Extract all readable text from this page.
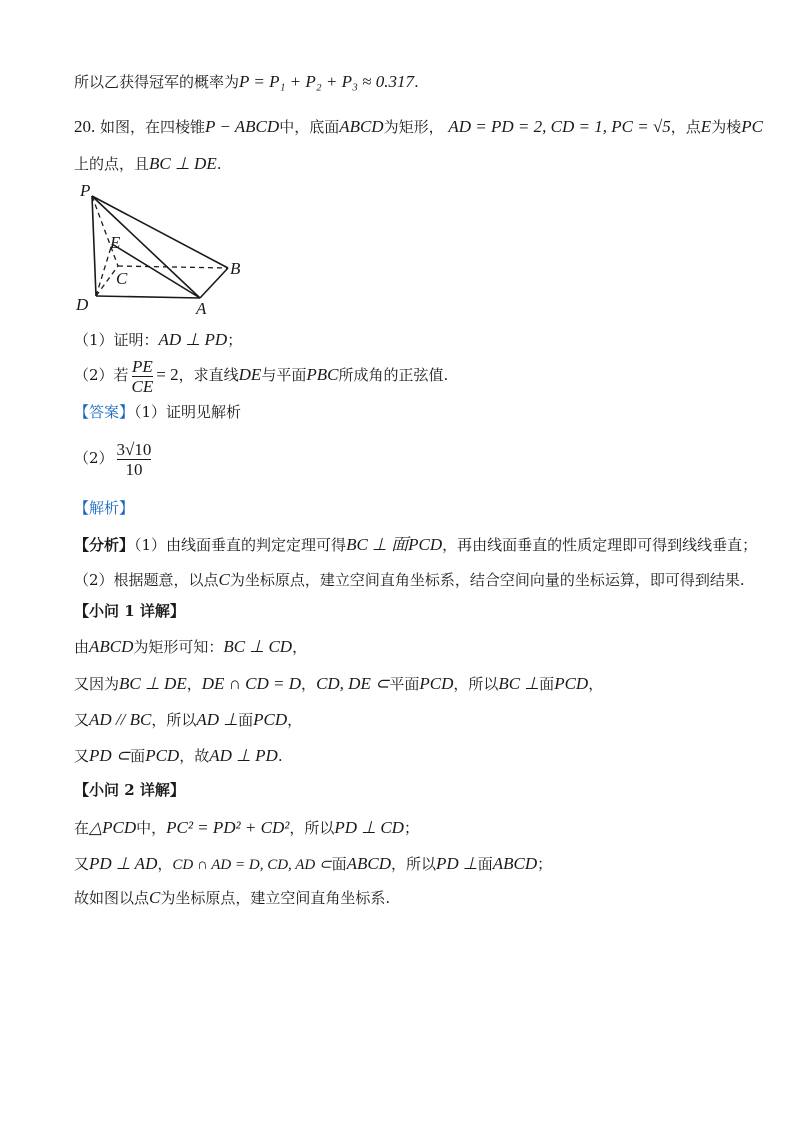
所以乙获得冠军的概率为P = P₁ + P₂ + P₃ ≈ 0.317.
20. 如图，在四棱锥P − ABCD中，底面ABCD为矩形， AD = PD = 2, CD = 1, PC = √5，点E为棱PC
上的点，且BC ⊥ DE.
P
E
C
B
D	A
（1）证明：AD ⊥ PD；
（2）若 $\frac{PE}{CE} = 2$，求直线DE与平面PBC所成角的正弦值.
【答案】（1）证明见解析
$(2) \frac{3√10}{10}$
【解析】
【分析】（1）由线面垂直的判定定理可得BC ⊥ 面PCD，再由线面垂直的性质定理即可得到线线垂直；
（2）根据题意，以点C为坐标原点，建立空间直角坐标系，结合空间向量的坐标运算，即可得到结果.
【小问 1 详解】
由ABCD为矩形可知：BC ⊥ CD，
又因为BC ⊥ DE，DE ∩ CD = D，CD, DE ⊂平面PCD，所以BC ⊥面PCD，
又AD // BC，所以AD ⊥面PCD，
又PD ⊂面PCD，故AD ⊥ PD.
【小问 2 详解】
在△PCD中，PC² = PD² + CD²，所以PD ⊥ CD；
又PD ⊥ AD，CD ∩ AD = D, CD, AD ⊂面ABCD，所以PD ⊥面ABCD；
故如图以点C为坐标原点，建立空间直角坐标系.
